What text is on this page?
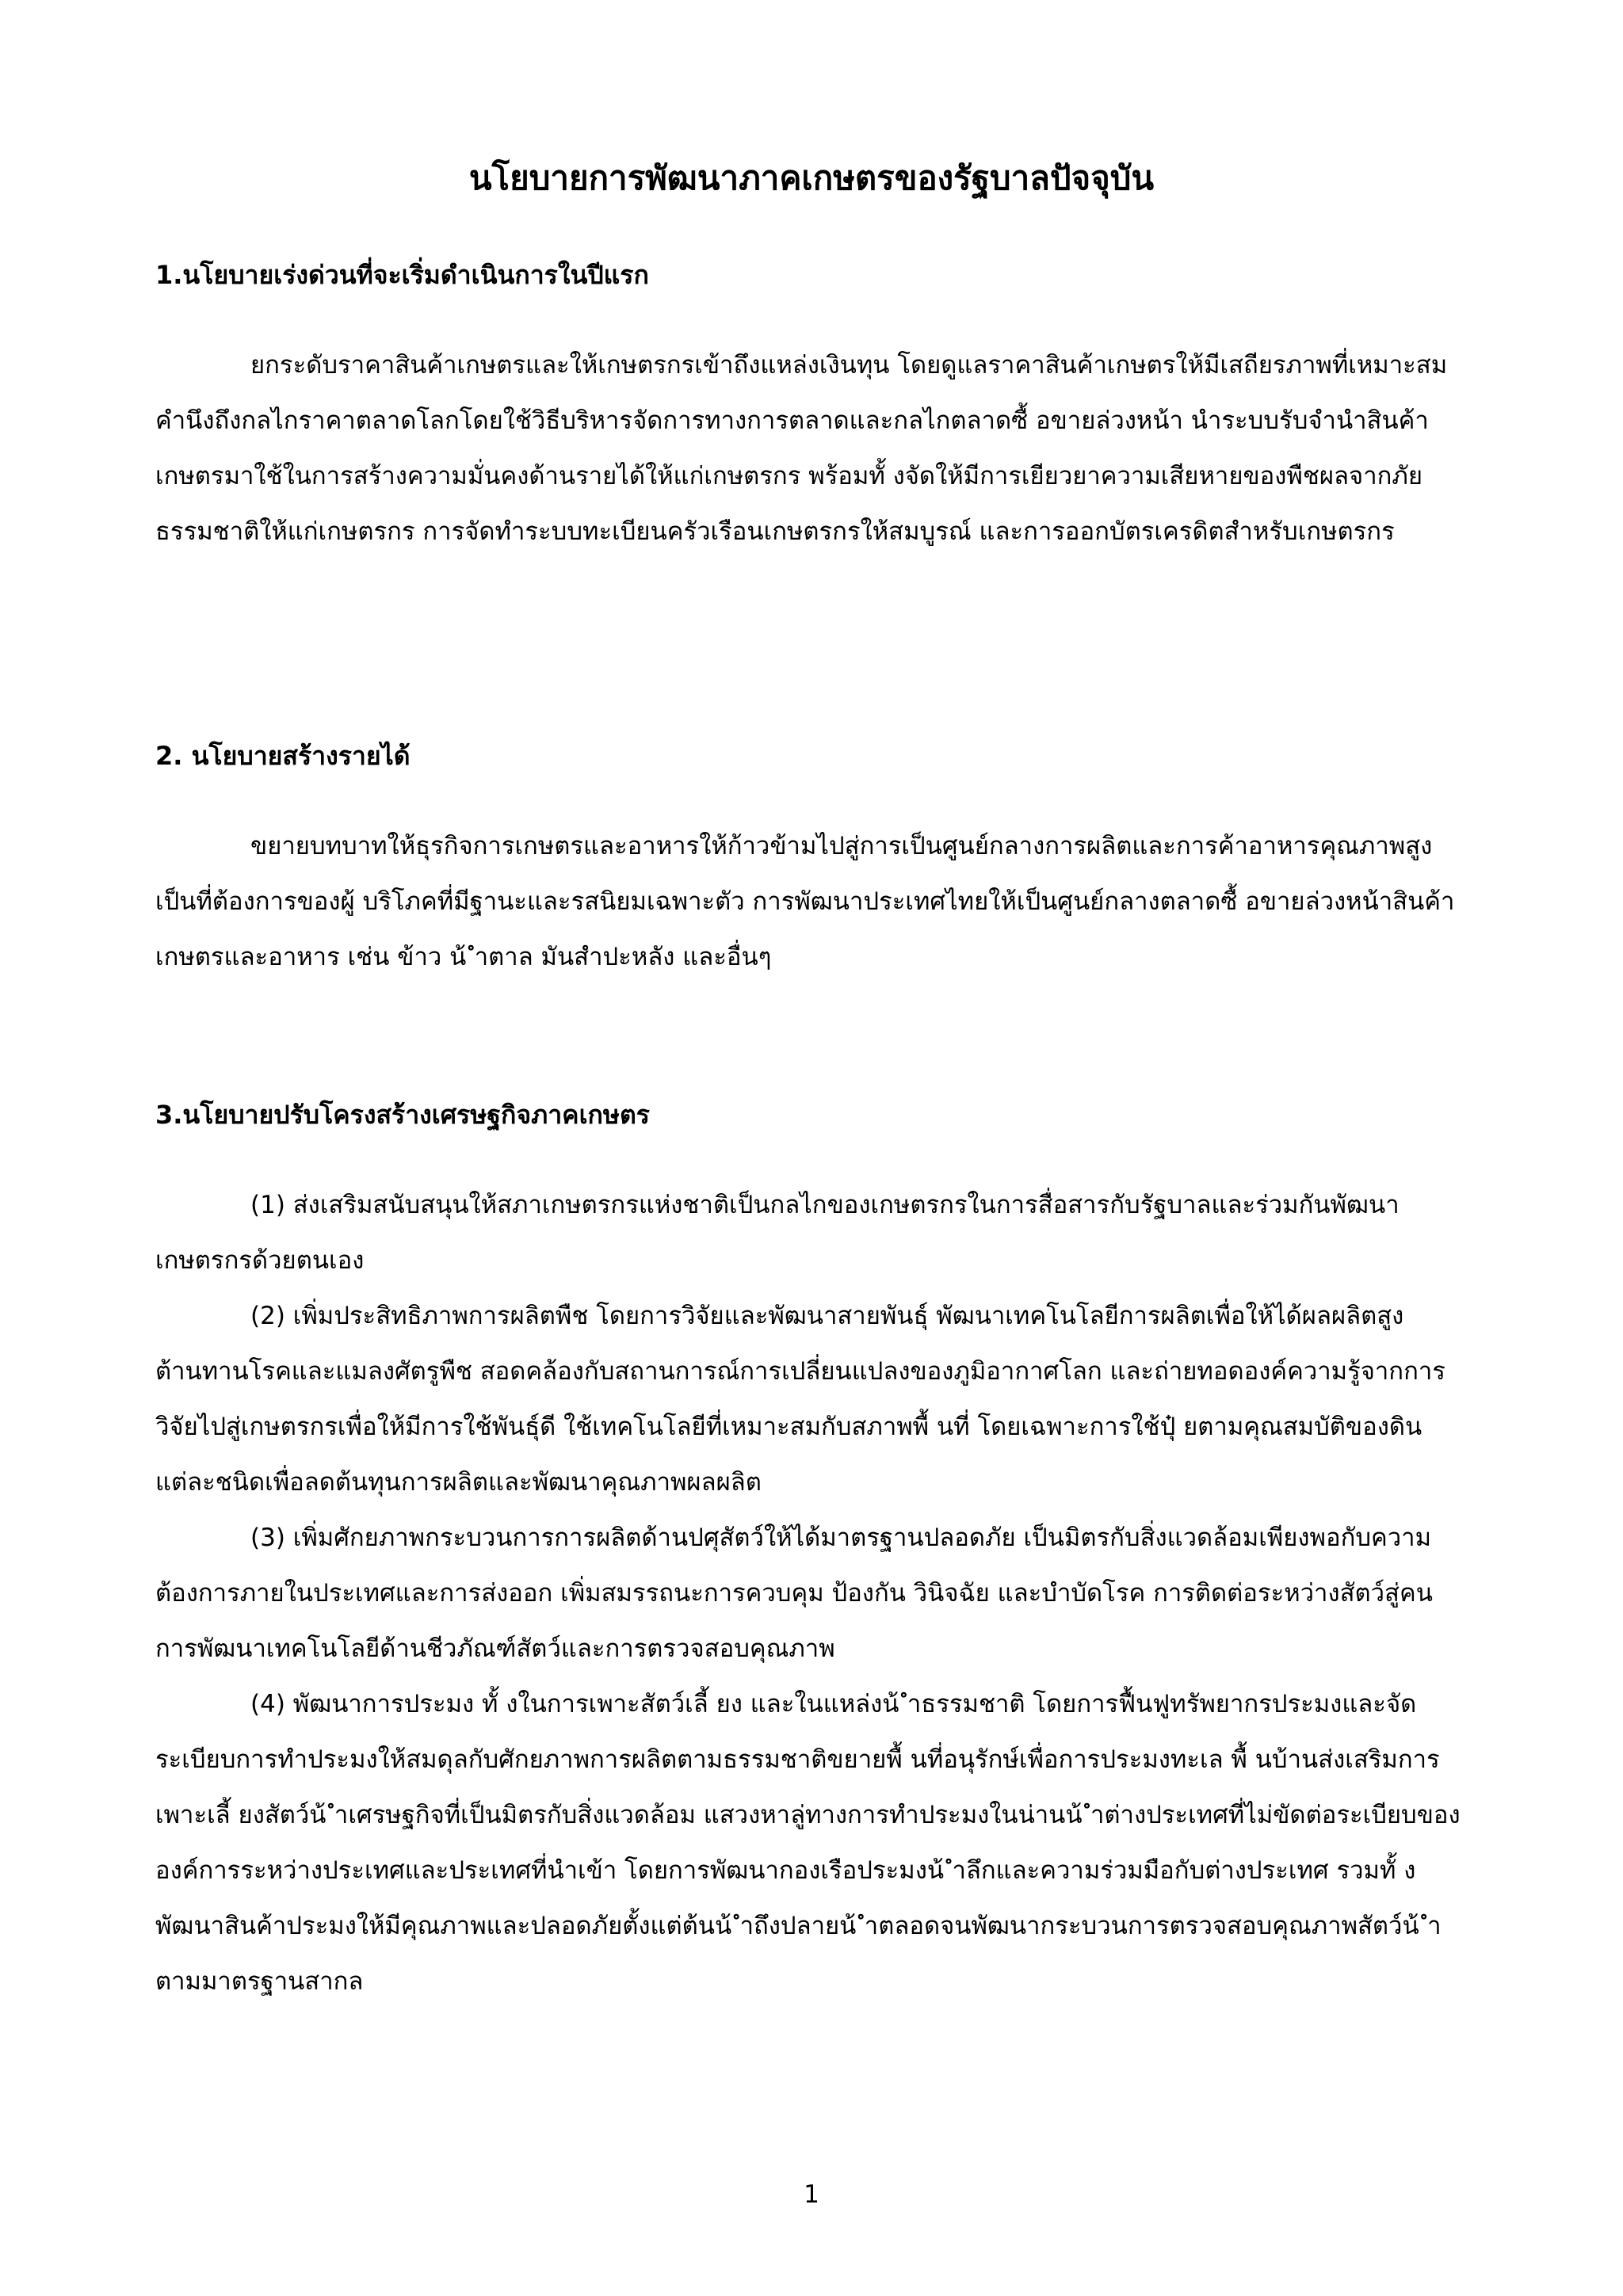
นโยบายการพัฒนาภาคเกษตรของรัฐบาลปัจจุบัน
1.นโยบายเร่งด่วนที่จะเริ่มดำเนินการในปีแรก

ยกระดับราคาสินค้าเกษตรและให้เกษตรกรเข้าถึงแหล่งเงินทุน โดยดูแลราคาสินค้าเกษตรให้มีเสถียรภาพที่เหมาะสม คำนึงถึงกลไกราคาตลาดโลกโดยใช้วิธีบริหารจัดการทางการตลาดและกลไกตลาดซื้ อขายล่วงหน้า นำระบบรับจำนำสินค้าเกษตรมาใช้ในการสร้างความมั่นคงด้านรายได้ให้แก่เกษตรกร พร้อมทั้ งจัดให้มีการเยียวยาความเสียหายของพืชผลจากภัยธรรมชาติให้แก่เกษตรกร การจัดทำระบบทะเบียนครัวเรือนเกษตรกรให้สมบูรณ์ และการออกบัตรเครดิตสำหรับเกษตรกร

2. นโยบายสร้างรายได้

ขยายบทบาทให้ธุรกิจการเกษตรและอาหารให้ก้าวข้ามไปสู่การเป็นศูนย์กลางการผลิตและการค้าอาหารคุณภาพสูง เป็นที่ต้องการของผู้ บริโภคที่มีฐานะและรสนิยมเฉพาะตัว การพัฒนาประเทศไทยให้เป็นศูนย์กลางตลาดซื้ อขายล่วงหน้าสินค้าเกษตรและอาหาร เช่น ข้าว น้ ำตาล มันสำปะหลัง และอื่นๆ

3.นโยบายปรับโครงสร้างเศรษฐกิจภาคเกษตร

(1) ส่งเสริมสนับสนุนให้สภาเกษตรกรแห่งชาติเป็นกลไกของเกษตรกรในการสื่อสารกับรัฐบาลและร่วมกันพัฒนาเกษตรกรด้วยตนเอง

(2) เพิ่มประสิทธิภาพการผลิตพืช โดยการวิจัยและพัฒนาสายพันธุ์ พัฒนาเทคโนโลยีการผลิตเพื่อให้ได้ผลผลิตสูง ต้านทานโรคและแมลงศัตรูพืช สอดคล้องกับสถานการณ์การเปลี่ยนแปลงของภูมิอากาศโลก และถ่ายทอดองค์ความรู้จากการวิจัยไปสู่เกษตรกรเพื่อให้มีการใช้พันธุ์ดี ใช้เทคโนโลยีที่เหมาะสมกับสภาพพื้ นที่ โดยเฉพาะการใช้ปุ๋ ยตามคุณสมบัติของดินแต่ละชนิดเพื่อลดต้นทุนการผลิตและพัฒนาคุณภาพผลผลิต

(3) เพิ่มศักยภาพกระบวนการการผลิตด้านปศุสัตว์ให้ได้มาตรฐานปลอดภัย เป็นมิตรกับสิ่งแวดล้อมเพียงพอกับความต้องการภายในประเทศและการส่งออก เพิ่มสมรรถนะการควบคุม ป้องกัน วินิจฉัย และบำบัดโรค การติดต่อระหว่างสัตว์สู่คน การพัฒนาเทคโนโลยีด้านชีวภัณฑ์สัตว์และการตรวจสอบคุณภาพ

(4) พัฒนาการประมง ทั้ งในการเพาะสัตว์เลี้ ยง และในแหล่งน้ ำธรรมชาติ โดยการฟื้นฟูทรัพยากรประมงและจัดระเบียบการทำประมงให้สมดุลกับศักยภาพการผลิตตามธรรมชาติขยายพื้ นที่อนุรักษ์เพื่อการประมงทะเล พื้ นบ้านส่งเสริมการเพาะเลี้ ยงสัตว์น้ ำเศรษฐกิจที่เป็นมิตรกับสิ่งแวดล้อม แสวงหาลู่ทางการทำประมงในน่านน้ ำต่างประเทศที่ไม่ขัดต่อระเบียบขององค์การระหว่างประเทศและประเทศที่นำเข้า โดยการพัฒนากองเรือประมงน้ ำลึกและความร่วมมือกับต่างประเทศ รวมทั้ งพัฒนาสินค้าประมงให้มีคุณภาพและปลอดภัยตั้งแต่ต้นน้ ำถึงปลายน้ ำตลอดจนพัฒนากระบวนการตรวจสอบคุณภาพสัตว์น้ ำตามมาตรฐานสากล

1
